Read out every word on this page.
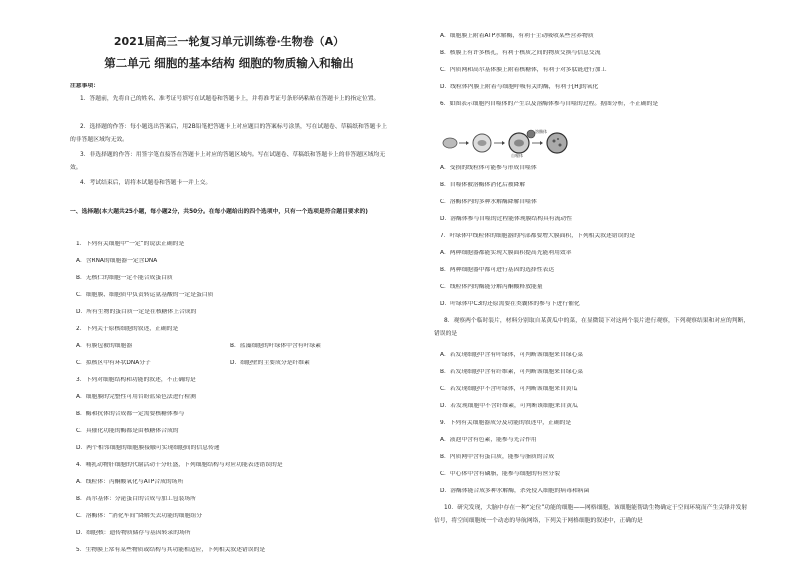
2021届高三一轮复习单元训练卷·生物卷（A）
第二单元 细胞的基本结构 细胞的物质输入和输出
注意事项：
1．答题前，先将自己的姓名、准考证号填写在试题卷和答题卡上，并将准考证号条形码粘贴在答题卡上的指定位置。
2．选择题的作答：每小题选出答案后，用2B铅笔把答题卡上对应题目的答案标号涂黑，写在试题卷、草稿纸和答题卡上的非答题区域均无效。
3．非选择题的作答：用签字笔直接答在答题卡上对应的答题区域内。写在试题卷、草稿纸和答题卡上的非答题区域均无效。
4．考试结束后，请将本试题卷和答题卡一并上交。
一、选择题(本大题共25小题，每小题2分，共50分。在每小题给出的四个选项中，只有一个选项是符合题目要求的)
1．下列有关细胞中“一定”的说法正确的是
A．含RNA的细胞器一定含DNA
B．无核仁的细胞一定不能合成蛋白质
C．细胞膜、细胞质中负责转运氨基酸的一定是蛋白质
D．所有生物的蛋白质一定是在核糖体上合成的
2．下列关于原核细胞的叙述，正确的是
A．有膜包被的细胞器	B．蓝藻细胞的叶绿体中含有叶绿素
C．拟核区中有环状DNA分子	D．细胞壁的主要成分是纤维素
3．下列对细胞结构和功能的叙述，不正确的是
A．细胞膜的完整性可用台盼蓝染色法进行检测
B．酶和抗体的合成都一定需要核糖体参与
C．具催化功能的酶都是由核糖体合成的
D．两个相邻细胞的细胞膜接触可实现细胞间的信息传递
4．哺乳动物肝细胞的代谢活动十分旺盛，下列细胞结构与对应功能表述错误的是
A．线粒体：丙酮酸氧化与ATP合成的场所
B．高尔基体：分泌蛋白的合成与加工包装场所
C．溶酶体：“消化车间”降解失去功能的细胞组分
D．细胞核：遗传物质储存与基因转录的场所
5．生物膜上常有某些物质或结构与其功能相适应，下列相关叙述错误的是
A．细胞膜上附着ATP水解酶，有利于主动吸收某些营养物质
B．核膜上有许多核孔，有利于核质之间的物质交换与信息交流
C．内质网和高尔基体膜上附着核糖体，有利于对多肽链进行加工
D．线粒体内膜上附着与细胞呼吸有关的酶，有利于[H]的氧化
6．如图表示细胞内自噬体的产生以及溶酶体参与自噬的过程。据图分析，不正确的是
溶酶体
自噬体
A．受损的线粒体可能参与形成自噬体
B．自噬体被溶酶体消化后被降解
C．溶酶体内的多种水解酶降解自噬体
D．溶酶体参与自噬的过程能体现膜结构具有流动性
7．叶绿体中线粒体的细胞器的内部都要增大膜面积，下列相关叙述错误的是
A．两种细胞器都能实现大膜面积提高光能利用效率
B．两种细胞器中都可进行基因的选择性表达
C．线粒体内的酶能分解丙酮酸释放能量
D．叶绿体中C3的还原需要在类囊体的参与下进行催化
8．观察两个临时装片，材料分别取自某黄瓜中的菜，在显微镜下对这两个装片进行观察，下列观察结果和对应的判断，错误的是
A．若发现细胞中含有叶绿体，可判断该细胞来自绿心菜
B．若发现细胞中含有纤维素，可判断该细胞来自绿心菜
C．若发现细胞中不含叶绿体，可判断该细胞来自黄瓜
D．若发现细胞中不含纤维素，可判断该细胞来自黄瓜
9．下列有关细胞器成分及功能的叙述中，正确的是
A．液泡中含有色素，能参与光合作用
B．内质网中含有蛋白质，能参与脂质的合成
C．中心体中含有磷脂，能参与细胞的有丝分裂
D．溶酶体能合成多种水解酶，杀死侵入细胞的病毒和病菌
10．研究发现，大脑中存在一种“定位”功能的细胞——网格细胞，该细胞能帮助生物确定于空间环境而产生尖锋并发射信号，将空间细胞统一个动态的导航网络，下列关于网格细胞的叙述中，正确的是
